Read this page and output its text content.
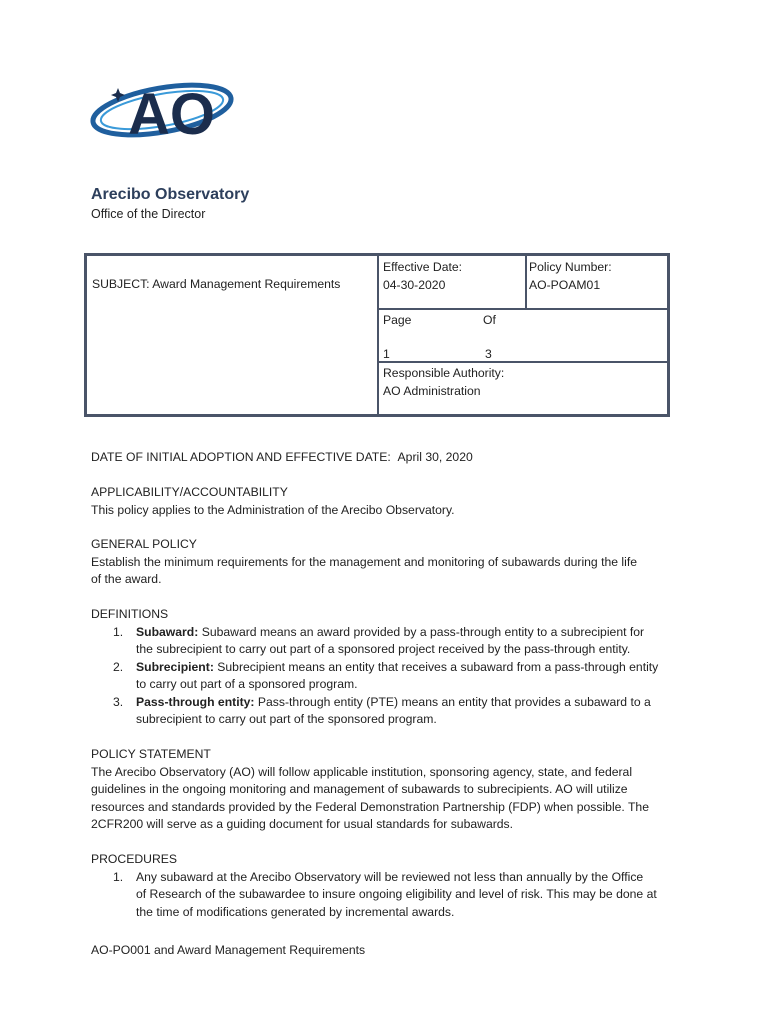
AO
Arecibo Observatory
Office of the Director
SUBJECT: Award Management Requirements
Effective Date:
04-30-2020
Policy Number:
AO-POAM01
Page	Of
1	3
Responsible Authority:
AO Administration
DATE OF INITIAL ADOPTION AND EFFECTIVE DATE: April 30, 2020
APPLICABILITY/ACCOUNTABILITY
This policy applies to the Administration of the Arecibo Observatory.
GENERAL POLICY
Establish the minimum requirements for the management and monitoring of subawards during the life
of the award.
DEFINITIONS
1. Subaward: Subaward means an award provided by a pass-through entity to a subrecipient for
the subrecipient to carry out part of a sponsored project received by the pass-through entity.
2. Subrecipient: Subrecipient means an entity that receives a subaward from a pass-through entity
to carry out part of a sponsored program.
3. Pass-through entity: Pass-through entity (PTE) means an entity that provides a subaward to a
subrecipient to carry out part of the sponsored program.
POLICY STATEMENT
The Arecibo Observatory (AO) will follow applicable institution, sponsoring agency, state, and federal
guidelines in the ongoing monitoring and management of subawards to subrecipients. AO will utilize
resources and standards provided by the Federal Demonstration Partnership (FDP) when possible. The
2CFR200 will serve as a guiding document for usual standards for subawards.
PROCEDURES
1. Any subaward at the Arecibo Observatory will be reviewed not less than annually by the Office
of Research of the subawardee to insure ongoing eligibility and level of risk. This may be done at
the time of modifications generated by incremental awards.
AO-PO001 and Award Management Requirements
